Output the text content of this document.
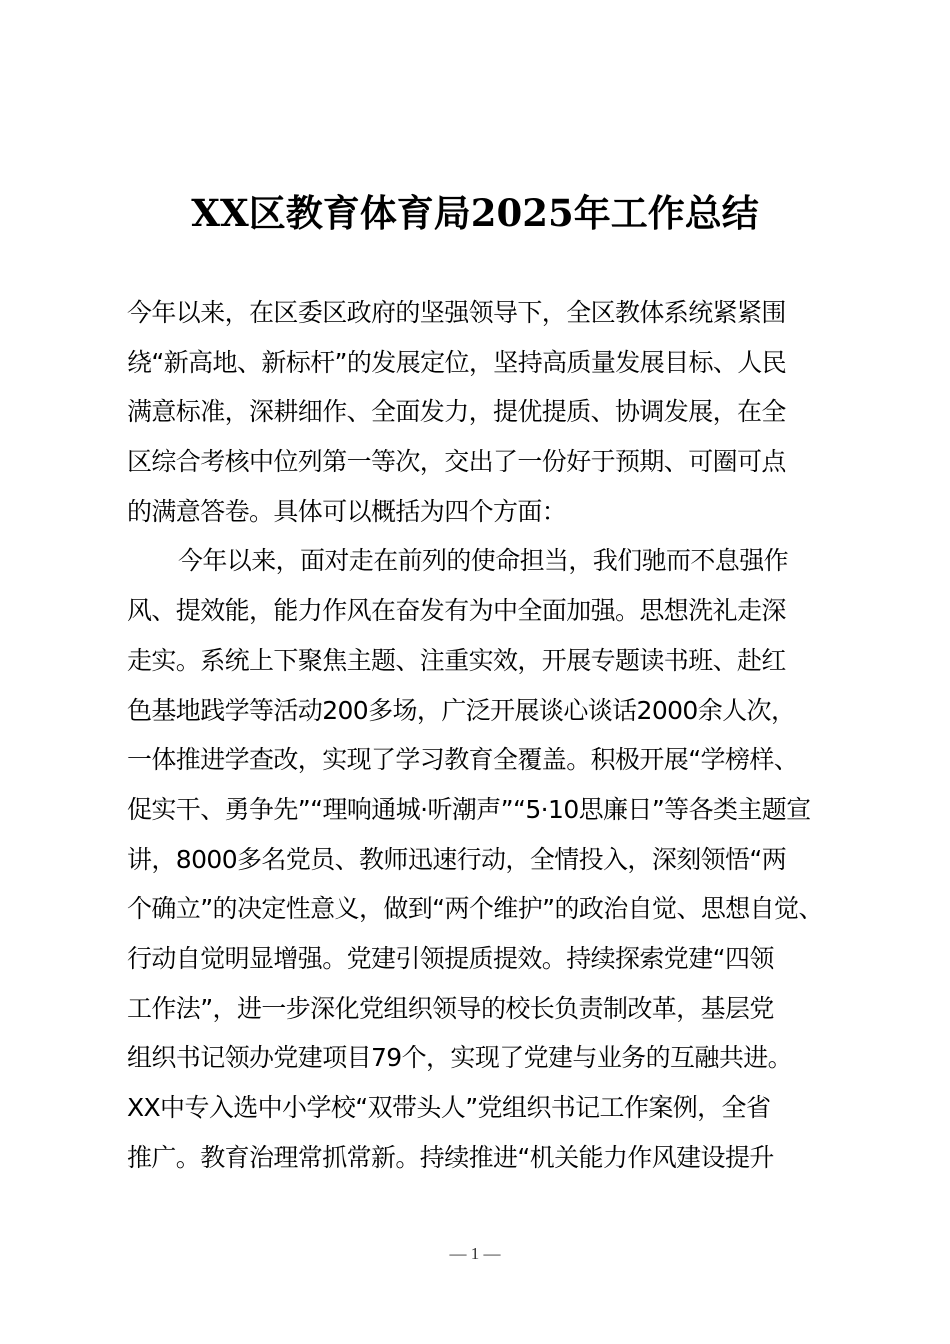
XX区教育体育局2025年工作总结
今年以来，在区委区政府的坚强领导下，全区教体系统紧紧围
绕“新高地、新标杆”的发展定位，坚持高质量发展目标、人民
满意标准，深耕细作、全面发力，提优提质、协调发展，在全
区综合考核中位列第一等次，交出了一份好于预期、可圈可点
的满意答卷。具体可以概括为四个方面：
今年以来，面对走在前列的使命担当，我们驰而不息强作
风、提效能，能力作风在奋发有为中全面加强。思想洗礼走深
走实。系统上下聚焦主题、注重实效，开展专题读书班、赴红
色基地践学等活动200多场，广泛开展谈心谈话2000余人次，
一体推进学查改，实现了学习教育全覆盖。积极开展“学榜样、
促实干、勇争先”“理响通城·听潮声”“5·10思廉日”等各类主题宣
讲，8000多名党员、教师迅速行动，全情投入，深刻领悟“两
个确立”的决定性意义，做到“两个维护”的政治自觉、思想自觉、
行动自觉明显增强。党建引领提质提效。持续探索党建“四领
工作法”，进一步深化党组织领导的校长负责制改革，基层党
组织书记领办党建项目79个，实现了党建与业务的互融共进。
XX中专入选中小学校“双带头人”党组织书记工作案例，全省
推广。教育治理常抓常新。持续推进“机关能力作风建设提升
— 1 —
